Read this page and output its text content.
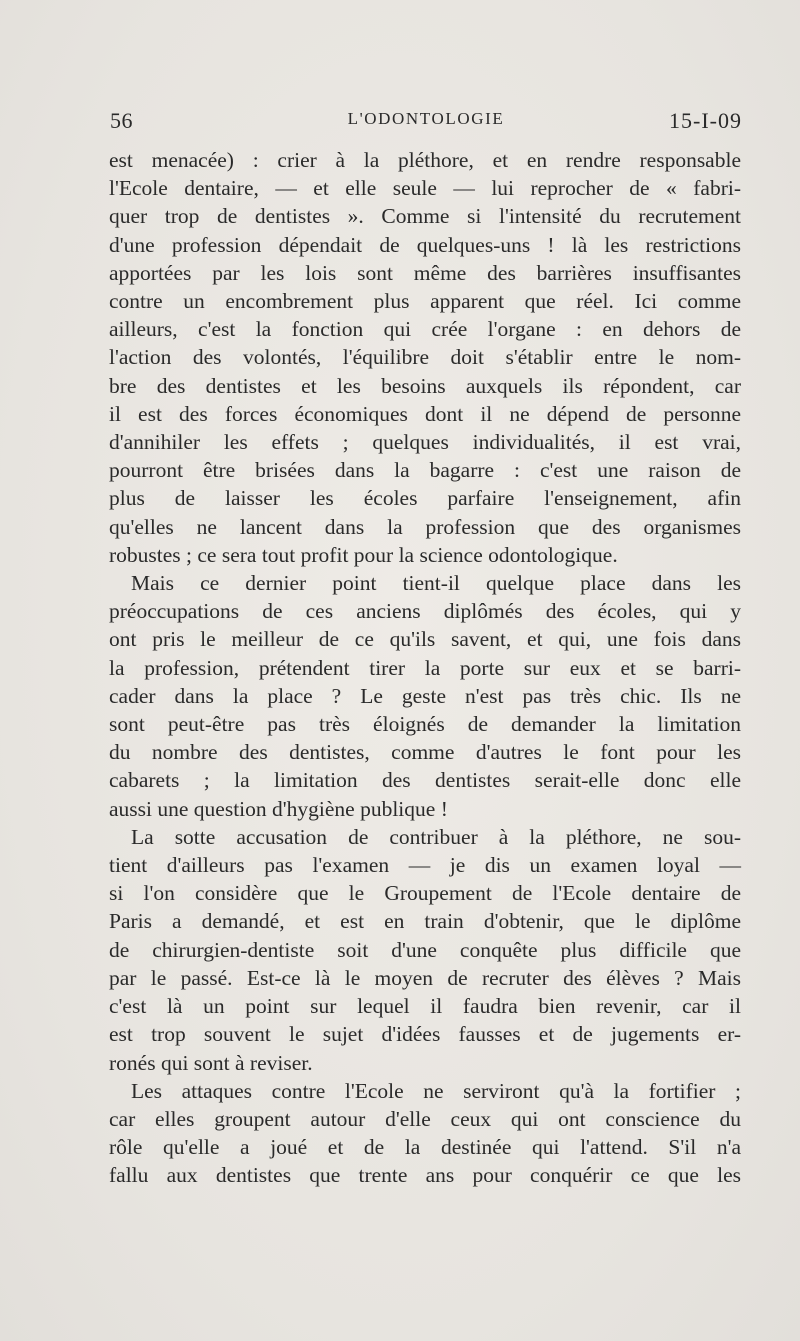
56	L'ODONTOLOGIE	15-I-09
est menacée) : crier à la pléthore, et en rendre responsable
l'Ecole dentaire, — et elle seule — lui reprocher de « fabri-
quer trop de dentistes ». Comme si l'intensité du recrutement
d'une profession dépendait de quelques-uns ! là les restrictions
apportées par les lois sont même des barrières insuffisantes
contre un encombrement plus apparent que réel. Ici comme
ailleurs, c'est la fonction qui crée l'organe : en dehors de
l'action des volontés, l'équilibre doit s'établir entre le nom-
bre des dentistes et les besoins auxquels ils répondent, car
il est des forces économiques dont il ne dépend de personne
d'annihiler les effets ; quelques individualités, il est vrai,
pourront être brisées dans la bagarre : c'est une raison de
plus de laisser les écoles parfaire l'enseignement, afin
qu'elles ne lancent dans la profession que des organismes
robustes ; ce sera tout profit pour la science odontologique.
Mais ce dernier point tient-il quelque place dans les
préoccupations de ces anciens diplômés des écoles, qui y
ont pris le meilleur de ce qu'ils savent, et qui, une fois dans
la profession, prétendent tirer la porte sur eux et se barri-
cader dans la place ? Le geste n'est pas très chic. Ils ne
sont peut-être pas très éloignés de demander la limitation
du nombre des dentistes, comme d'autres le font pour les
cabarets ; la limitation des dentistes serait-elle donc elle
aussi une question d'hygiène publique !
La sotte accusation de contribuer à la pléthore, ne sou-
tient d'ailleurs pas l'examen — je dis un examen loyal —
si l'on considère que le Groupement de l'Ecole dentaire de
Paris a demandé, et est en train d'obtenir, que le diplôme
de chirurgien-dentiste soit d'une conquête plus difficile que
par le passé. Est-ce là le moyen de recruter des élèves ? Mais
c'est là un point sur lequel il faudra bien revenir, car il
est trop souvent le sujet d'idées fausses et de jugements er-
ronés qui sont à reviser.
Les attaques contre l'Ecole ne serviront qu'à la fortifier ;
car elles groupent autour d'elle ceux qui ont conscience du
rôle qu'elle a joué et de la destinée qui l'attend. S'il n'a
fallu aux dentistes que trente ans pour conquérir ce que les
